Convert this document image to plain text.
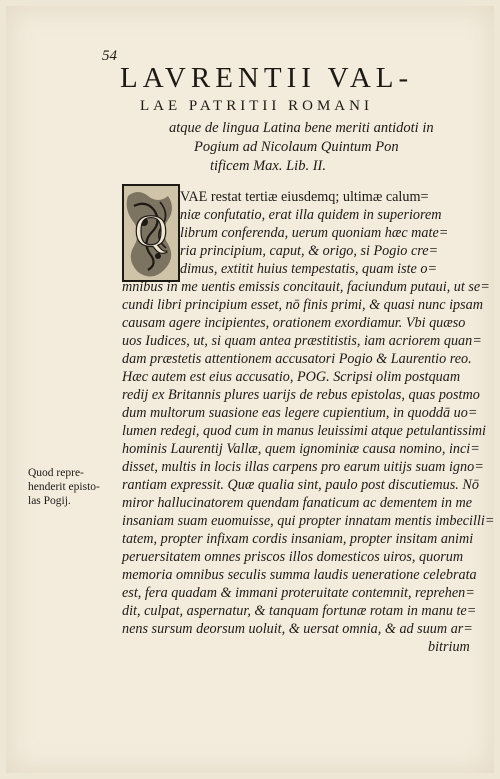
54
LAVRENTII VAL-
LAE PATRITII ROMANI
atque de lingua Latina bene meriti antidoti in
Pogium ad Nicolaum Quintum Pon
tificem Max. Lib. II.
Q
VAE restat tertiæ eiusdemq; ultimæ calum=
niæ confutatio, erat illa quidem in superiorem
librum conferenda, uerum quoniam hæc mate=
ria principium, caput, & origo, si Pogio cre=
dimus, extitit huius tempestatis, quam iste o=
mnibus in me uentis emissis concitauit, faciundum putaui, ut se=
cundi libri principium esset, nō finis primi, & quasi nunc ipsam
causam agere incipientes, orationem exordiamur. Vbi quæso
uos Iudices, ut, si quam antea præstitistis, iam acriorem quan=
dam præstetis attentionem accusatori Pogio & Laurentio reo.
Hæc autem est eius accusatio, POG. Scripsi olim postquam
redij ex Britannis plures uarijs de rebus epistolas, quas postmo
dum multorum suasione eas legere cupientium, in quoddā uo=
lumen redegi, quod cum in manus leuissimi atque petulantissimi
hominis Laurentij Vallæ, quem ignominiæ causa nomino, inci=
disset, multis in locis illas carpens pro earum uitijs suam igno=
rantiam expressit. Quæ qualia sint, paulo post discutiemus. Nō
miror hallucinatorem quendam fanaticum ac dementem in me
insaniam suam euomuisse, qui propter innatam mentis imbecilli=
tatem, propter infixam cordis insaniam, propter insitam animi
peruersitatem omnes priscos illos domesticos uiros, quorum
memoria omnibus seculis summa laudis ueneratione celebrata
est, fera quadam & immani proteruitate contemnit, reprehen=
dit, culpat, aspernatur, & tanquam fortunæ rotam in manu te=
nens sursum deorsum uoluit, & uersat omnia, & ad suum ar=
bitrium
Quod repre-
henderit episto-
las Pogij.
